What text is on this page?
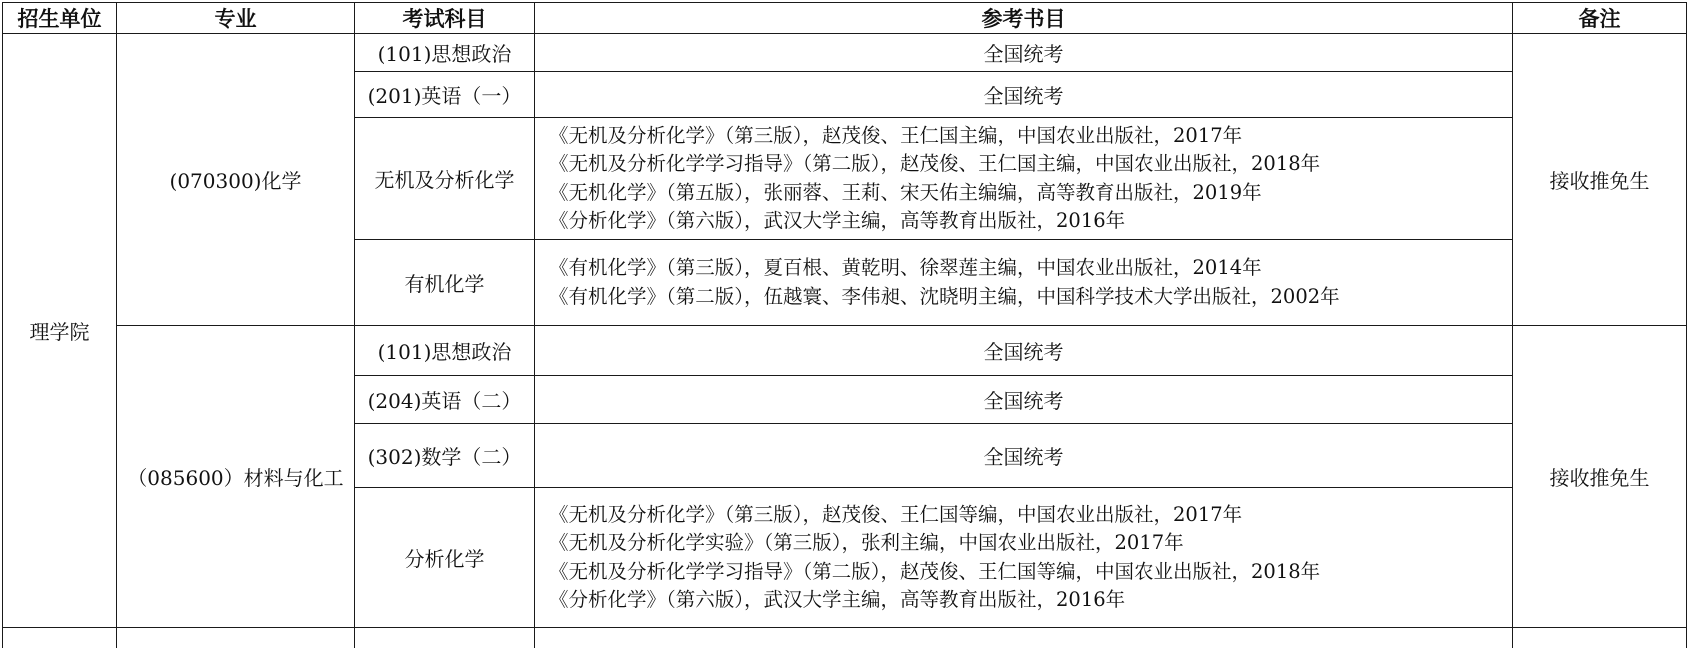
招生单位	专业	考试科目	参考书目	备注
理学院	(070300)化学	(101)思想政治	全国统考	接收推免生
		(201)英语（一）	全国统考	
		无机及分析化学	《无机及分析化学》（第三版），赵茂俊、王仁国主编，中国农业出版社，2017年
《无机及分析化学学习指导》（第二版），赵茂俊、王仁国主编，中国农业出版社，2018年
《无机化学》（第五版），张丽蓉、王莉、宋天佑主编编，高等教育出版社，2019年
《分析化学》（第六版），武汉大学主编，高等教育出版社，2016年	

		有机化学	《有机化学》（第三版），夏百根、黄乾明、徐翠莲主编，中国农业出版社，2014年
《有机化学》（第二版），伍越寰、李伟昶、沈晓明主编，中国科学技术大学出版社，2002年	

	（085600）材料与化工	(101)思想政治	全国统考	接收推免生
		(204)英语（二）	全国统考	
		(302)数学（二）	全国统考	
		分析化学	《无机及分析化学》（第三版），赵茂俊、王仁国等编，中国农业出版社，2017年
《无机及分析化学实验》（第三版），张利主编，中国农业出版社，2017年
《无机及分析化学学习指导》（第二版），赵茂俊、王仁国等编，中国农业出版社，2018年
《分析化学》（第六版），武汉大学主编，高等教育出版社，2016年	
